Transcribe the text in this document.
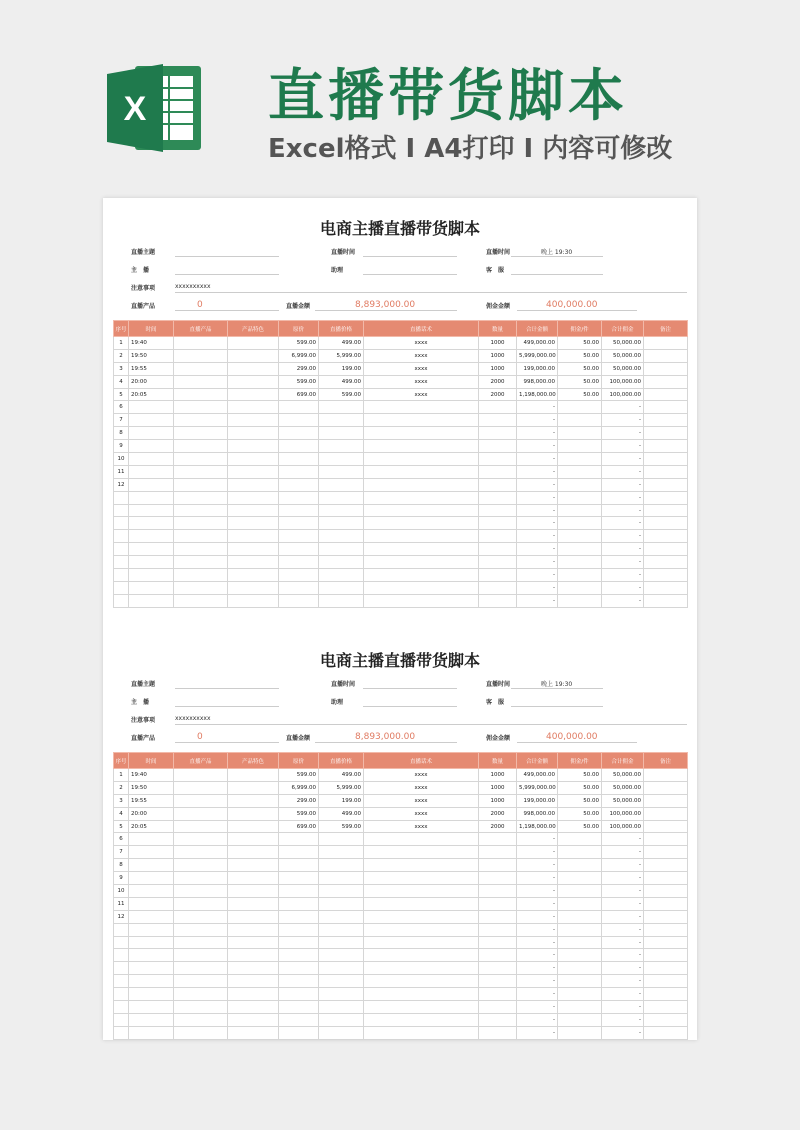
X 直播带货脚本
Excel格式 I A4打印 I 内容可修改
电商主播直播带货脚本
直播主题	直播时间	直播时间	晚上 19:30
主　播	助理	客　服
注意事项	xxxxxxxxxx
直播产品	0	直播金额	8,893,000.00	佣金金额	400,000.00
序号	时间	直播产品	产品特色	原价	直播价格	直播话术	数量	合计金额	佣金/件	合计佣金	备注
1	19:40			599.00	499.00	xxxx	1000	499,000.00	50.00	50,000.00	
2	19:50			6,999.00	5,999.00	xxxx	1000	5,999,000.00	50.00	50,000.00	
3	19:55			299.00	199.00	xxxx	1000	199,000.00	50.00	50,000.00	
4	20:00			599.00	499.00	xxxx	2000	998,000.00	50.00	100,000.00	
5	20:05			699.00	599.00	xxxx	2000	1,198,000.00	50.00	100,000.00	
6								-		-	
7								-		-	
8								-		-	
9								-		-	
10								-		-	
11								-		-	
12								-		-	
								-		-	
								-		-	
								-		-	
								-		-	
								-		-	
								-		-	
								-		-	
								-		-	
								-		-	
电商主播直播带货脚本
直播主题	直播时间	直播时间	晚上 19:30
主　播	助理	客　服
注意事项	xxxxxxxxxx
直播产品	0	直播金额	8,893,000.00	佣金金额	400,000.00
序号	时间	直播产品	产品特色	原价	直播价格	直播话术	数量	合计金额	佣金/件	合计佣金	备注
1	19:40			599.00	499.00	xxxx	1000	499,000.00	50.00	50,000.00	
2	19:50			6,999.00	5,999.00	xxxx	1000	5,999,000.00	50.00	50,000.00	
3	19:55			299.00	199.00	xxxx	1000	199,000.00	50.00	50,000.00	
4	20:00			599.00	499.00	xxxx	2000	998,000.00	50.00	100,000.00	
5	20:05			699.00	599.00	xxxx	2000	1,198,000.00	50.00	100,000.00	
6								-		-	
7								-		-	
8								-		-	
9								-		-	
10								-		-	
11								-		-	
12								-		-	
								-		-	
								-		-	
								-		-	
								-		-	
								-		-	
								-		-	
								-		-	
								-		-	
								-		-	
